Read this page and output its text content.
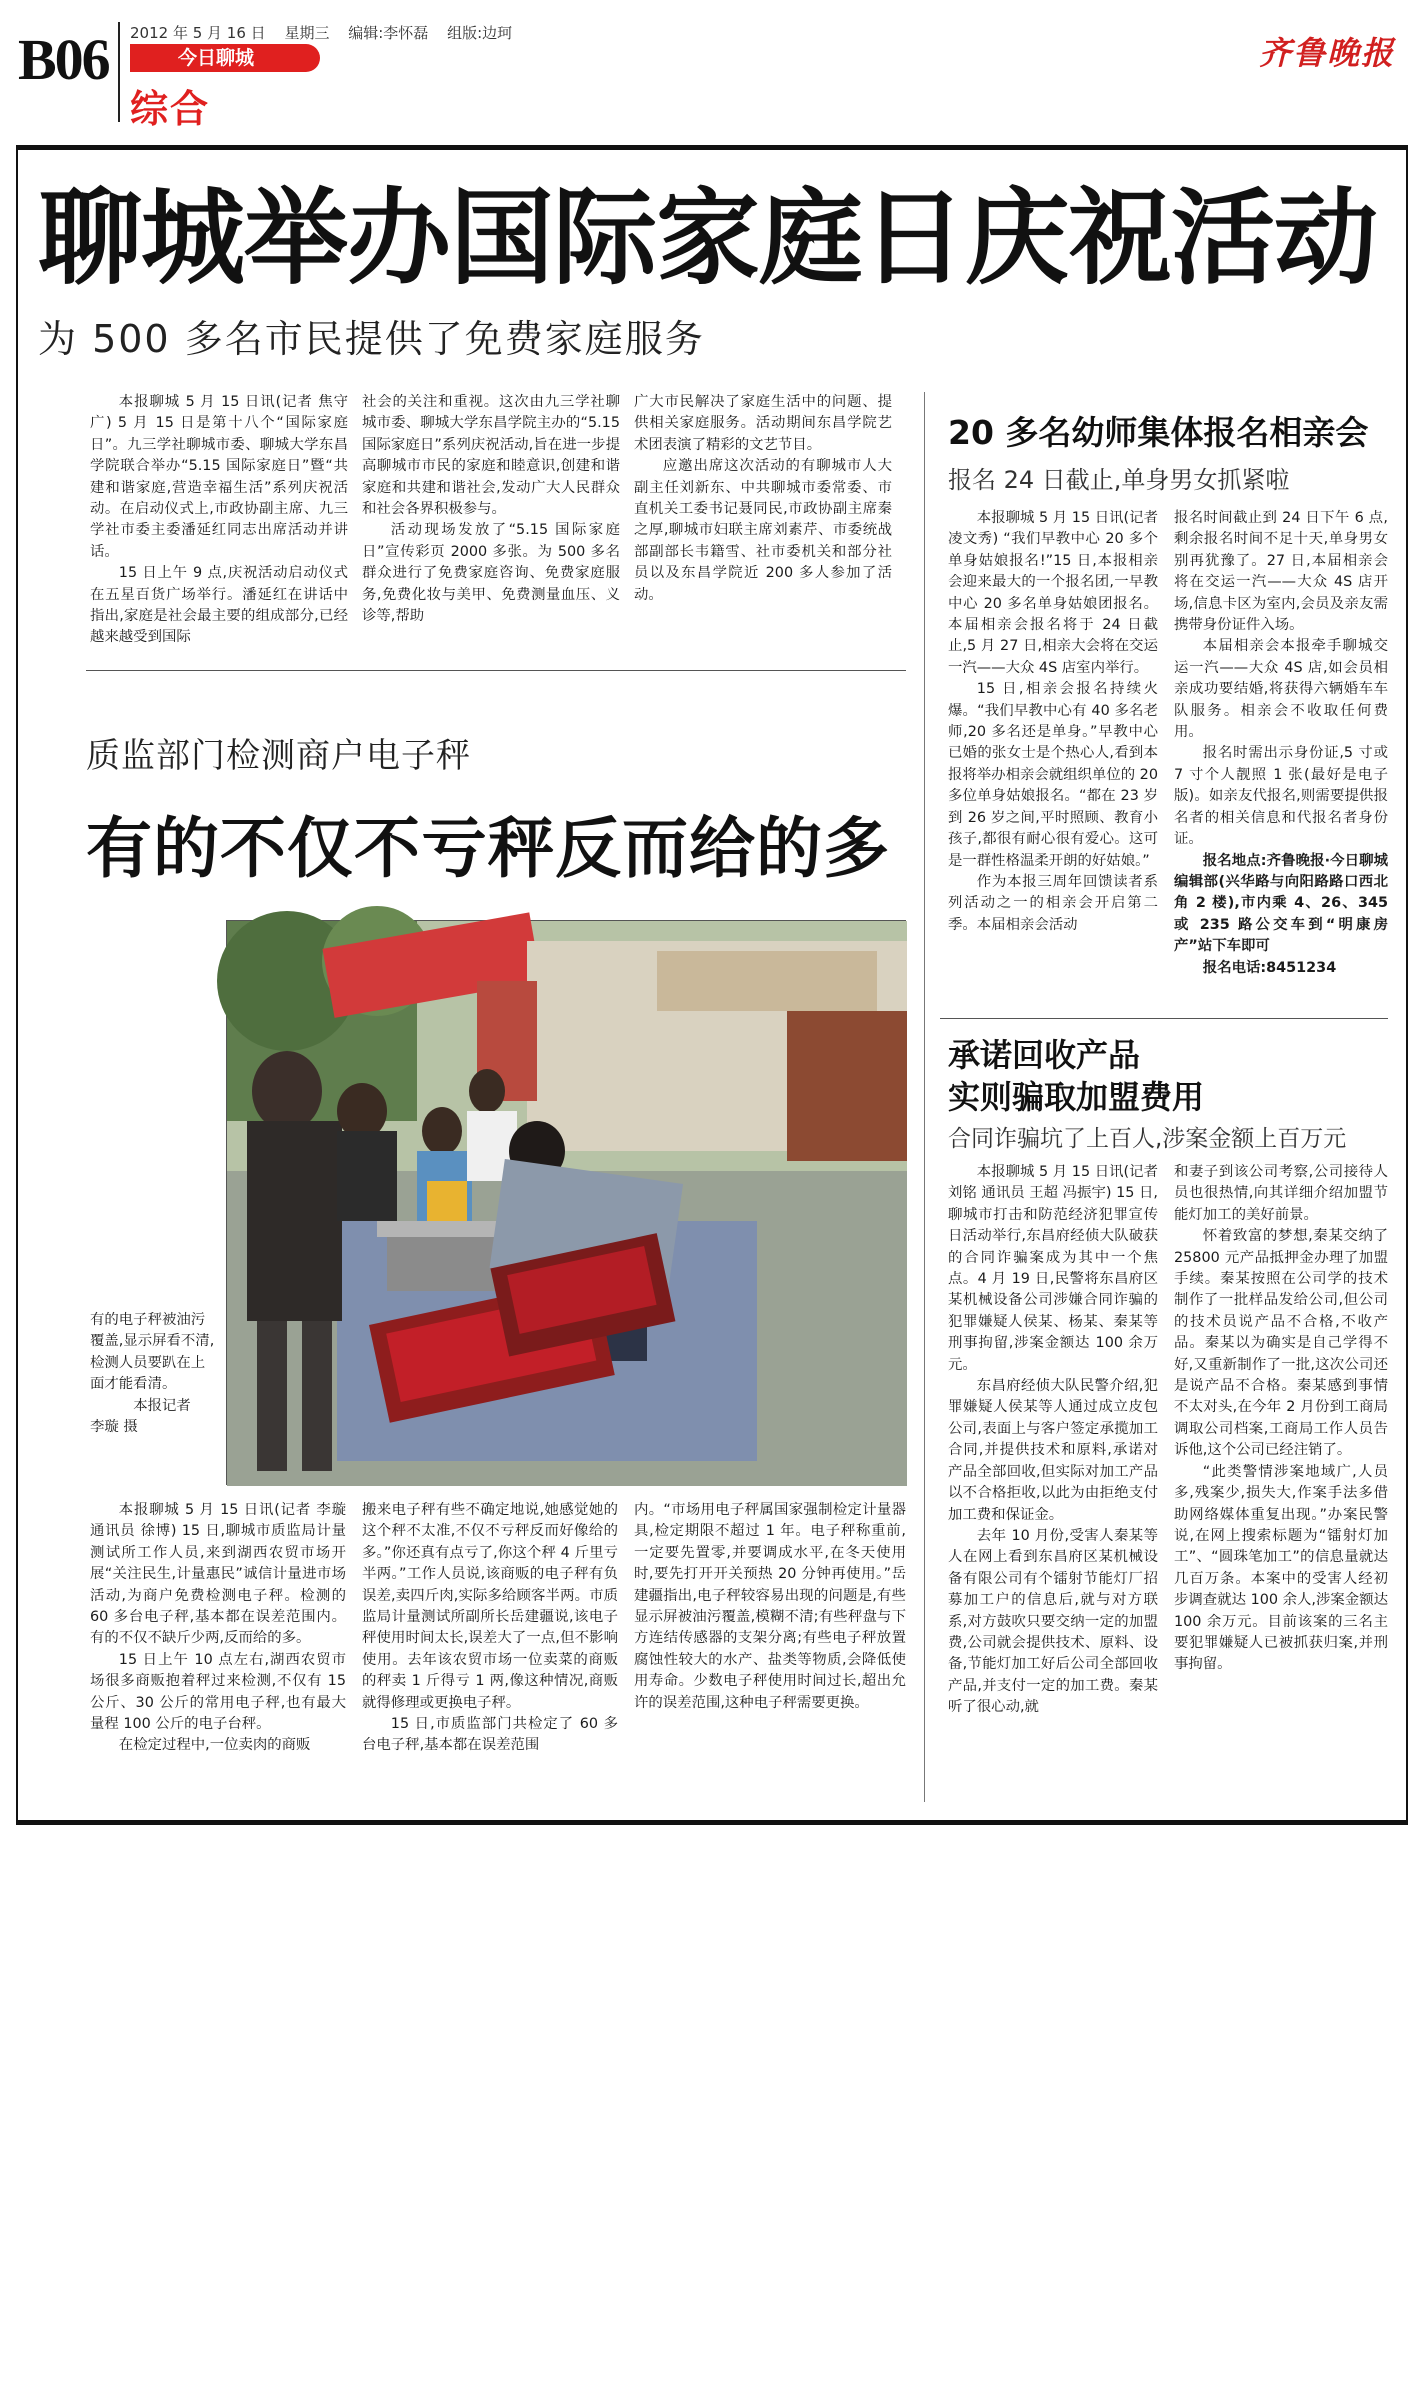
B06 2012 年 5 月 16 日 星期三 编辑:李怀磊 组版:边珂
今日聊城
综合
齐鲁晚报
聊城举办国际家庭日庆祝活动
为 500 多名市民提供了免费家庭服务

本报聊城 5 月 15 日讯(记者 焦守广) 5 月 15 日是第十八个“国际家庭日”。九三学社聊城市委、聊城大学东昌学院联合举办“5.15 国际家庭日”暨“共建和谐家庭,营造幸福生活”系列庆祝活动。在启动仪式上,市政协副主席、九三学社市委主委潘延红同志出席活动并讲话。

15 日上午 9 点,庆祝活动启动仪式在五星百货广场举行。潘延红在讲话中指出,家庭是社会最主要的组成部分,已经越来越受到国际

社会的关注和重视。这次由九三学社聊城市委、聊城大学东昌学院主办的“5.15 国际家庭日”系列庆祝活动,旨在进一步提高聊城市市民的家庭和睦意识,创建和谐家庭和共建和谐社会,发动广大人民群众和社会各界积极参与。

活动现场发放了“5.15 国际家庭日”宣传彩页 2000 多张。为 500 多名群众进行了免费家庭咨询、免费家庭服务,免费化妆与美甲、免费测量血压、义诊等,帮助

广大市民解决了家庭生活中的问题、提供相关家庭服务。活动期间东昌学院艺术团表演了精彩的文艺节目。

应邀出席这次活动的有聊城市人大副主任刘新东、中共聊城市委常委、市直机关工委书记聂同民,市政协副主席秦之厚,聊城市妇联主席刘素芹、市委统战部副部长韦籍雪、社市委机关和部分社员以及东昌学院近 200 多人参加了活动。

质监部门检测商户电子秤
有的不仅不亏秤反而给的多

有的电子秤被油污覆盖,显示屏看不清,检测人员要趴在上面才能看清。

本报记者

李璇 摄

本报聊城 5 月 15 日讯(记者 李璇 通讯员 徐博) 15 日,聊城市质监局计量测试所工作人员,来到湖西农贸市场开展“关注民生,计量惠民”诚信计量进市场活动,为商户免费检测电子秤。检测的 60 多台电子秤,基本都在误差范围内。有的不仅不缺斤少两,反而给的多。

15 日上午 10 点左右,湖西农贸市场很多商贩抱着秤过来检测,不仅有 15 公斤、30 公斤的常用电子秤,也有最大量程 100 公斤的电子台秤。

在检定过程中,一位卖肉的商贩

搬来电子秤有些不确定地说,她感觉她的这个秤不太准,不仅不亏秤反而好像给的多。”你还真有点亏了,你这个秤 4 斤里亏半两。”工作人员说,该商贩的电子秤有负误差,卖四斤肉,实际多给顾客半两。市质监局计量测试所副所长岳建疆说,该电子秤使用时间太长,误差大了一点,但不影响使用。去年该农贸市场一位卖菜的商贩的秤卖 1 斤得亏 1 两,像这种情况,商贩就得修理或更换电子秤。

15 日,市质监部门共检定了 60 多台电子秤,基本都在误差范围

内。“市场用电子秤属国家强制检定计量器具,检定期限不超过 1 年。电子秤称重前,一定要先置零,并要调成水平,在冬天使用时,要先打开开关预热 20 分钟再使用。”岳建疆指出,电子秤较容易出现的问题是,有些显示屏被油污覆盖,模糊不清;有些秤盘与下方连结传感器的支架分离;有些电子秤放置腐蚀性较大的水产、盐类等物质,会降低使用寿命。少数电子秤使用时间过长,超出允许的误差范围,这种电子秤需要更换。

20 多名幼师集体报名相亲会
报名 24 日截止,单身男女抓紧啦

本报聊城 5 月 15 日讯(记者 凌文秀) “我们早教中心 20 多个单身姑娘报名!”15 日,本报相亲会迎来最大的一个报名团,一早教中心 20 多名单身姑娘团报名。本届相亲会报名将于 24 日截止,5 月 27 日,相亲大会将在交运一汽——大众 4S 店室内举行。

15 日,相亲会报名持续火爆。“我们早教中心有 40 多名老师,20 多名还是单身。”早教中心已婚的张女士是个热心人,看到本报将举办相亲会就组织单位的 20 多位单身姑娘报名。“都在 23 岁到 26 岁之间,平时照顾、教育小孩子,都很有耐心很有爱心。这可是一群性格温柔开朗的好姑娘。”

作为本报三周年回馈读者系列活动之一的相亲会开启第二季。本届相亲会活动

报名时间截止到 24 日下午 6 点,剩余报名时间不足十天,单身男女别再犹豫了。27 日,本届相亲会将在交运一汽——大众 4S 店开场,信息卡区为室内,会员及亲友需携带身份证件入场。

本届相亲会本报牵手聊城交运一汽——大众 4S 店,如会员相亲成功要结婚,将获得六辆婚车车队服务。相亲会不收取任何费用。

报名时需出示身份证,5 寸或 7 寸个人靓照 1 张(最好是电子版)。如亲友代报名,则需要提供报名者的相关信息和代报名者身份证。

报名地点:齐鲁晚报·今日聊城编辑部(兴华路与向阳路路口西北角 2 楼),市内乘 4、26、345 或 235 路公交车到“明康房产”站下车即可

报名电话:8451234

承诺回收产品
实则骗取加盟费用
合同诈骗坑了上百人,涉案金额上百万元

本报聊城 5 月 15 日讯(记者 刘铭 通讯员 王超 冯振宇) 15 日,聊城市打击和防范经济犯罪宣传日活动举行,东昌府经侦大队破获的合同诈骗案成为其中一个焦点。4 月 19 日,民警将东昌府区某机械设备公司涉嫌合同诈骗的犯罪嫌疑人侯某、杨某、秦某等刑事拘留,涉案金额达 100 余万元。

东昌府经侦大队民警介绍,犯罪嫌疑人侯某等人通过成立皮包公司,表面上与客户签定承揽加工合同,并提供技术和原料,承诺对产品全部回收,但实际对加工产品以不合格拒收,以此为由拒绝支付加工费和保证金。

去年 10 月份,受害人秦某等人在网上看到东昌府区某机械设备有限公司有个镭射节能灯厂招募加工户的信息后,就与对方联系,对方鼓吹只要交纳一定的加盟费,公司就会提供技术、原料、设备,节能灯加工好后公司全部回收产品,并支付一定的加工费。秦某听了很心动,就

和妻子到该公司考察,公司接待人员也很热情,向其详细介绍加盟节能灯加工的美好前景。

怀着致富的梦想,秦某交纳了 25800 元产品抵押金办理了加盟手续。秦某按照在公司学的技术制作了一批样品发给公司,但公司的技术员说产品不合格,不收产品。秦某以为确实是自己学得不好,又重新制作了一批,这次公司还是说产品不合格。秦某感到事情不太对头,在今年 2 月份到工商局调取公司档案,工商局工作人员告诉他,这个公司已经注销了。

“此类警情涉案地域广,人员多,残案少,损失大,作案手法多借助网络媒体重复出现。”办案民警说,在网上搜索标题为“镭射灯加工”、“圆珠笔加工”的信息量就达几百万条。本案中的受害人经初步调查就达 100 余人,涉案金额达 100 余万元。目前该案的三名主要犯罪嫌疑人已被抓获归案,并刑事拘留。
